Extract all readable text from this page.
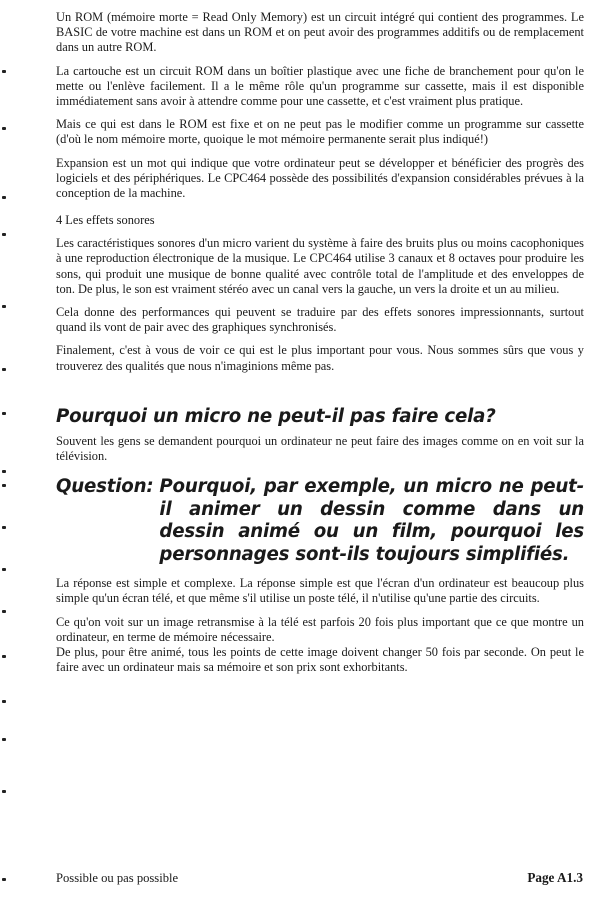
Un ROM (mémoire morte = Read Only Memory) est un circuit intégré qui contient des programmes. Le BASIC de votre machine est dans un ROM et on peut avoir des programmes additifs ou de remplacement dans un autre ROM.

La cartouche est un circuit ROM dans un boîtier plastique avec une fiche de branchement pour qu'on le mette ou l'enlève facilement. Il a le même rôle qu'un programme sur cassette, mais il est disponible immédiatement sans avoir à attendre comme pour une cassette, et c'est vraiment plus pratique.

Mais ce qui est dans le ROM est fixe et on ne peut pas le modifier comme un programme sur cassette (d'où le nom mémoire morte, quoique le mot mémoire permanente serait plus indiqué!)

Expansion est un mot qui indique que votre ordinateur peut se développer et bénéficier des progrès des logiciels et des périphériques. Le CPC464 possède des possibilités d'expansion considérables prévues à la conception de la machine.

4 Les effets sonores

Les caractéristiques sonores d'un micro varient du système à faire des bruits plus ou moins cacophoniques à une reproduction électronique de la musique. Le CPC464 utilise 3 canaux et 8 octaves pour produire les sons, qui produit une musique de bonne qualité avec contrôle total de l'amplitude et des enveloppes de ton. De plus, le son est vraiment stéréo avec un canal vers la gauche, un vers la droite et un au milieu.

Cela donne des performances qui peuvent se traduire par des effets sonores impressionnants, surtout quand ils vont de pair avec des graphiques synchronisés.

Finalement, c'est à vous de voir ce qui est le plus important pour vous. Nous sommes sûrs que vous y trouverez des qualités que nous n'imaginions même pas.

Pourquoi un micro ne peut-il pas faire cela?

Souvent les gens se demandent pourquoi un ordinateur ne peut faire des images comme on en voit sur la télévision.

Question: Pourquoi, par exemple, un micro ne peut-il animer un dessin comme dans un dessin animé ou un film, pourquoi les personnages sont-ils toujours simplifiés.

La réponse est simple et complexe. La réponse simple est que l'écran d'un ordinateur est beaucoup plus simple qu'un écran télé, et que même s'il utilise un poste télé, il n'utilise qu'une partie des circuits.

Ce qu'on voit sur un image retransmise à la télé est parfois 20 fois plus important que ce que montre un ordinateur, en terme de mémoire nécessaire.

De plus, pour être animé, tous les points de cette image doivent changer 50 fois par seconde. On peut le faire avec un ordinateur mais sa mémoire et son prix sont exhorbitants.

Possible ou pas possible	Page A1.3
